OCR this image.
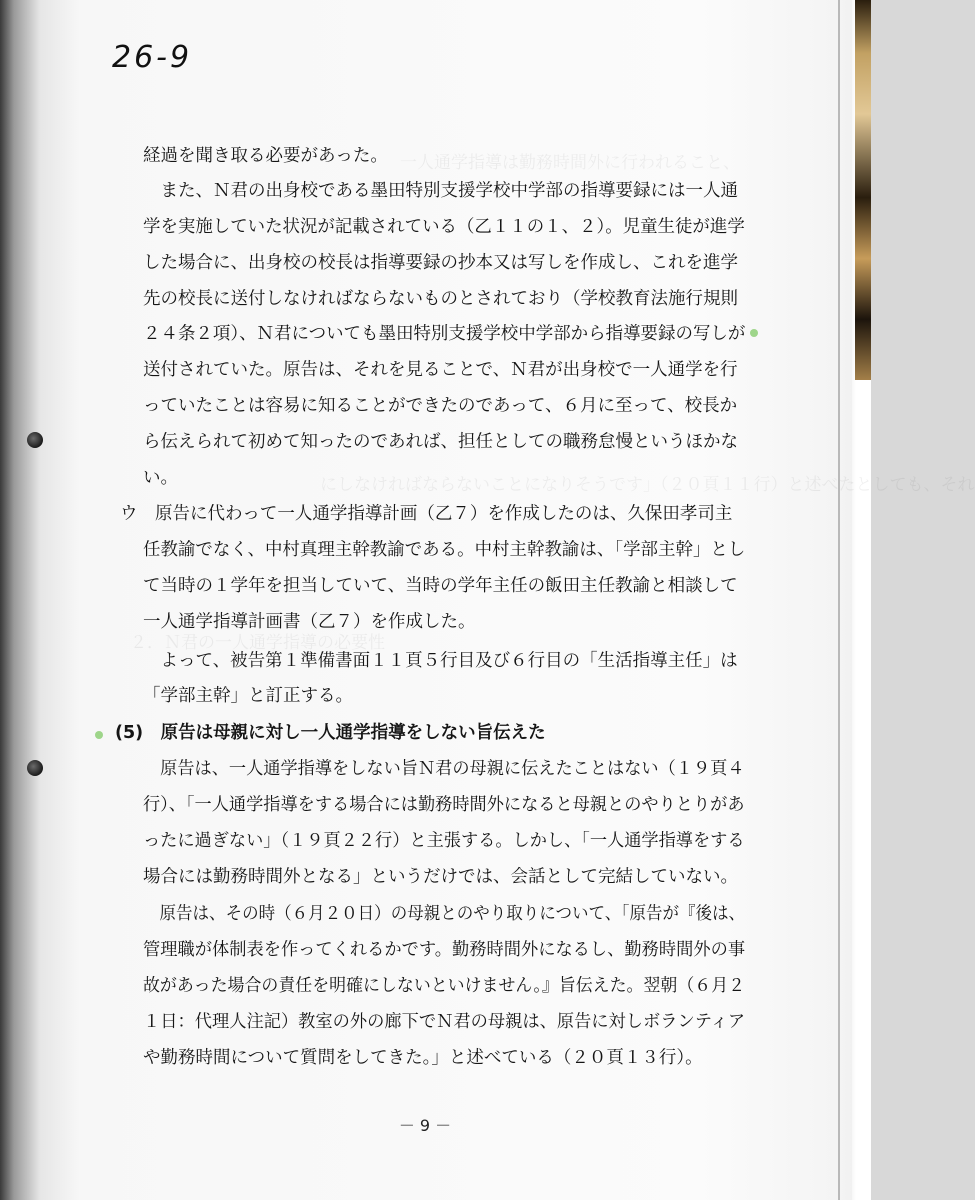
一人通学指導は勤務時間外に行われること、
にしなければならないことになりそうです」（２０頁１１行）と述べたとしても、それ
２．Ｎ君の一人通学指導の必要性
26-9
経過を聞き取る必要があった。
　また、Ｎ君の出身校である墨田特別支援学校中学部の指導要録には一人通
学を実施していた状況が記載されている（乙１１の１、２）。児童生徒が進学
した場合に、出身校の校長は指導要録の抄本又は写しを作成し、これを進学
先の校長に送付しなければならないものとされており（学校教育法施行規則
２４条２項）、Ｎ君についても墨田特別支援学校中学部から指導要録の写しが
送付されていた。原告は、それを見ることで、Ｎ君が出身校で一人通学を行
っていたことは容易に知ることができたのであって、６月に至って、校長か
ら伝えられて初めて知ったのであれば、担任としての職務怠慢というほかな
い。
ウ　原告に代わって一人通学指導計画（乙７）を作成したのは、久保田孝司主
任教諭でなく、中村真理主幹教諭である。中村主幹教諭は、「学部主幹」とし
て当時の１学年を担当していて、当時の学年主任の飯田主任教諭と相談して
一人通学指導計画書（乙７）を作成した。
　よって、被告第１準備書面１１頁５行目及び６行目の「生活指導主任」は
「学部主幹」と訂正する。
(5)　原告は母親に対し一人通学指導をしない旨伝えた
　原告は、一人通学指導をしない旨Ｎ君の母親に伝えたことはない（１９頁４
行）、「一人通学指導をする場合には勤務時間外になると母親とのやりとりがあ
ったに過ぎない」（１９頁２２行）と主張する。しかし、「一人通学指導をする
場合には勤務時間外となる」というだけでは、会話として完結していない。
　原告は、その時（６月２０日）の母親とのやり取りについて、「原告が『後は、
管理職が体制表を作ってくれるかです。勤務時間外になるし、勤務時間外の事
故があった場合の責任を明確にしないといけません。』旨伝えた。翌朝（６月２
１日：代理人注記）教室の外の廊下でＮ君の母親は、原告に対しボランティア
や勤務時間について質問をしてきた。」と述べている（２０頁１３行）。
－ 9 －
